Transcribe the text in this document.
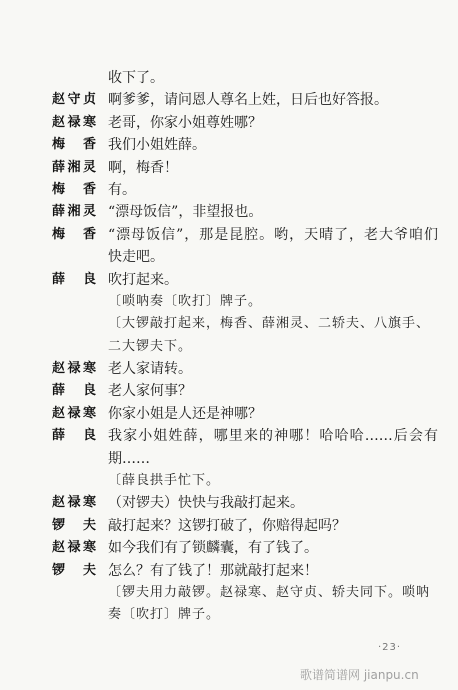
收下了。
赵守贞 啊爹爹，请问恩人尊名上姓，日后也好答报。
赵禄寒 老哥，你家小姐尊姓哪？
梅香 我们小姐姓薛。
薛湘灵 啊，梅香！
梅香 有。
薛湘灵 “漂母饭信”，非望报也。
梅香 “漂母饭信”，那是昆腔。哟，天晴了，老大爷咱们
快走吧。
薛良 吹打起来。
〔唢呐奏〔吹打〕牌子。
〔大锣敲打起来，梅香、薛湘灵、二轿夫、八旗手、
二大锣夫下。
赵禄寒 老人家请转。
薛良 老人家何事？
赵禄寒 你家小姐是人还是神哪？
薛良 我家小姐姓薛，哪里来的神哪！哈哈哈……后会有
期……
〔薛良拱手忙下。
赵禄寒 （对锣夫）快快与我敲打起来。
锣夫 敲打起来？这锣打破了，你赔得起吗？
赵禄寒 如今我们有了锁麟囊，有了钱了。
锣夫 怎么？有了钱了！那就敲打起来！
〔锣夫用力敲锣。赵禄寒、赵守贞、轿夫同下。唢呐
奏〔吹打〕牌子。
·23·
歌谱简谱网 jianpu.cn
